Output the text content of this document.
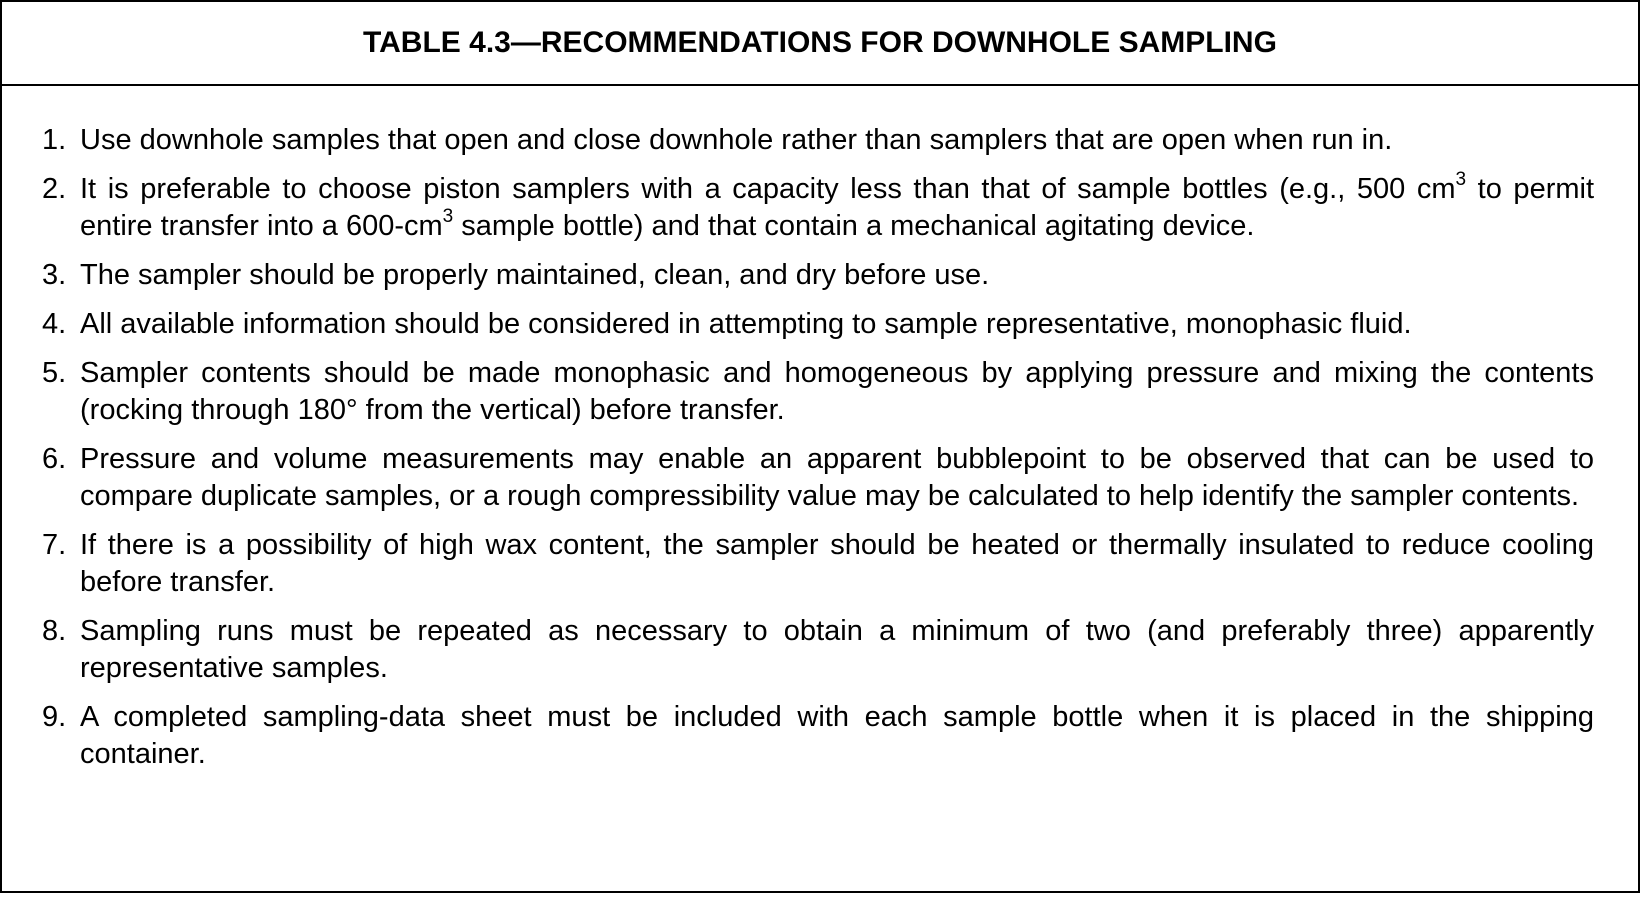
TABLE 4.3—RECOMMENDATIONS FOR DOWNHOLE SAMPLING
1. Use downhole samples that open and close downhole rather than samplers that are open when run in.
2. It is preferable to choose piston samplers with a capacity less than that of sample bottles (e.g., 500 $cm^3$ to permit entire transfer into a $600-cm^3$ sample bottle) and that contain a mechanical agitating device.
3. The sampler should be properly maintained, clean, and dry before use.
4. All available information should be considered in attempting to sample representative, monophasic fluid.
5. Sampler contents should be made monophasic and homogeneous by applying pressure and mixing the contents (rocking through 180° from the vertical) before transfer.
6. Pressure and volume measurements may enable an apparent bubblepoint to be observed that can be used to compare duplicate samples, or a rough compressibility value may be calculated to help identify the sampler contents.
7. If there is a possibility of high wax content, the sampler should be heated or thermally insulated to reduce cooling before transfer.
8. Sampling runs must be repeated as necessary to obtain a minimum of two (and preferably three) apparently representative samples.
9. A completed sampling-data sheet must be included with each sample bottle when it is placed in the shipping container.
